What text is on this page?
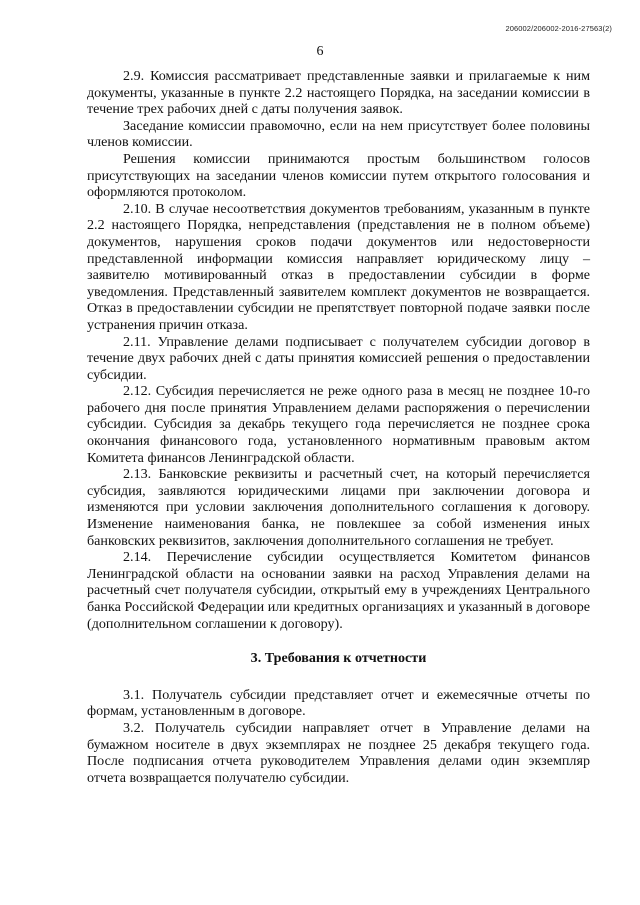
206002/206002-2016-27563(2)
6

2.9. Комиссия рассматривает представленные заявки и прилагаемые к ним документы, указанные в пункте 2.2 настоящего Порядка, на заседании комиссии в течение трех рабочих дней с даты получения заявок.

Заседание комиссии правомочно, если на нем присутствует более половины членов комиссии.

Решения комиссии принимаются простым большинством голосов присутствующих на заседании членов комиссии путем открытого голосования и оформляются протоколом.

2.10. В случае несоответствия документов требованиям, указанным в пункте 2.2 настоящего Порядка, непредставления (представления не в полном объеме) документов, нарушения сроков подачи документов или недостоверности представленной информации комиссия направляет юридическому лицу – заявителю мотивированный отказ в предоставлении субсидии в форме уведомления. Представленный заявителем комплект документов не возвращается. Отказ в предоставлении субсидии не препятствует повторной подаче заявки после устранения причин отказа.

2.11. Управление делами подписывает с получателем субсидии договор в течение двух рабочих дней с даты принятия комиссией решения о предоставлении субсидии.

2.12. Субсидия перечисляется не реже одного раза в месяц не позднее 10-го рабочего дня после принятия Управлением делами распоряжения о перечислении субсидии. Субсидия за декабрь текущего года перечисляется не позднее срока окончания финансового года, установленного нормативным правовым актом Комитета финансов Ленинградской области.

2.13. Банковские реквизиты и расчетный счет, на который перечисляется субсидия, заявляются юридическими лицами при заключении договора и изменяются при условии заключения дополнительного соглашения к договору. Изменение наименования банка, не повлекшее за собой изменения иных банковских реквизитов, заключения дополнительного соглашения не требует.

2.14. Перечисление субсидии осуществляется Комитетом финансов Ленинградской области на основании заявки на расход Управления делами на расчетный счет получателя субсидии, открытый ему в учреждениях Центрального банка Российской Федерации или кредитных организациях и указанный в договоре (дополнительном соглашении к договору).

3. Требования к отчетности

3.1. Получатель субсидии представляет отчет и ежемесячные отчеты по формам, установленным в договоре.

3.2. Получатель субсидии направляет отчет в Управление делами на бумажном носителе в двух экземплярах не позднее 25 декабря текущего года. После подписания отчета руководителем Управления делами один экземпляр отчета возвращается получателю субсидии.
